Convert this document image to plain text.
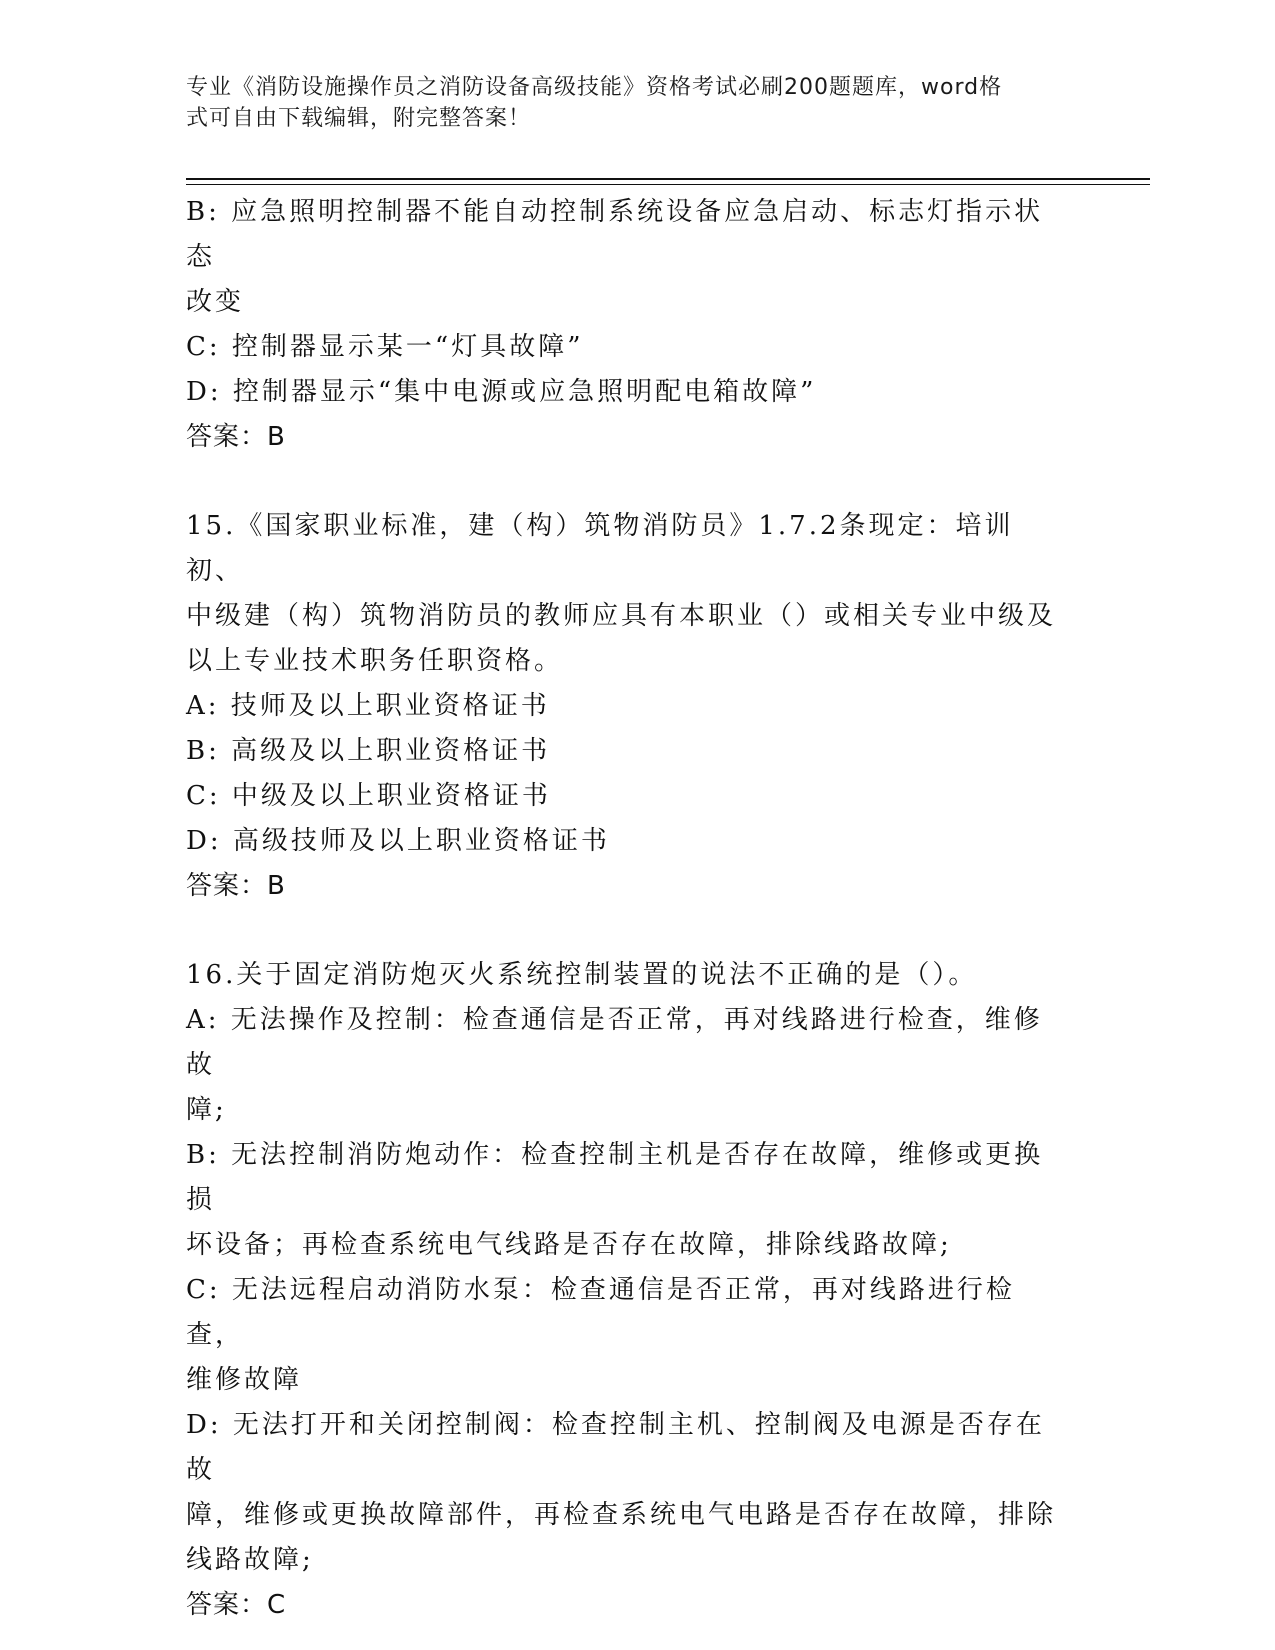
专业《消防设施操作员之消防设备高级技能》资格考试必刷200题题库，word格
式可自由下载编辑，附完整答案！
B: 应急照明控制器不能自动控制系统设备应急启动、标志灯指示状态
改变
C: 控制器显示某一“灯具故障”
D: 控制器显示“集中电源或应急照明配电箱故障”
答案：B
15.《国家职业标准，建（构）筑物消防员》1.7.2条现定：培训初、
中级建（构）筑物消防员的教师应具有本职业（）或相关专业中级及
以上专业技术职务任职资格。
A: 技师及以上职业资格证书
B: 高级及以上职业资格证书
C: 中级及以上职业资格证书
D: 高级技师及以上职业资格证书
答案：B
16.关于固定消防炮灭火系统控制装置的说法不正确的是（）。
A: 无法操作及控制：检查通信是否正常，再对线路进行检查，维修故
障;
B: 无法控制消防炮动作：检查控制主机是否存在故障，维修或更换损
坏设备；再检查系统电气线路是否存在故障，排除线路故障;
C: 无法远程启动消防水泵：检查通信是否正常，再对线路进行检查，
维修故障
D: 无法打开和关闭控制阀：检查控制主机、控制阀及电源是否存在故
障，维修或更换故障部件，再检查系统电气电路是否存在故障，排除
线路故障;
答案：C
